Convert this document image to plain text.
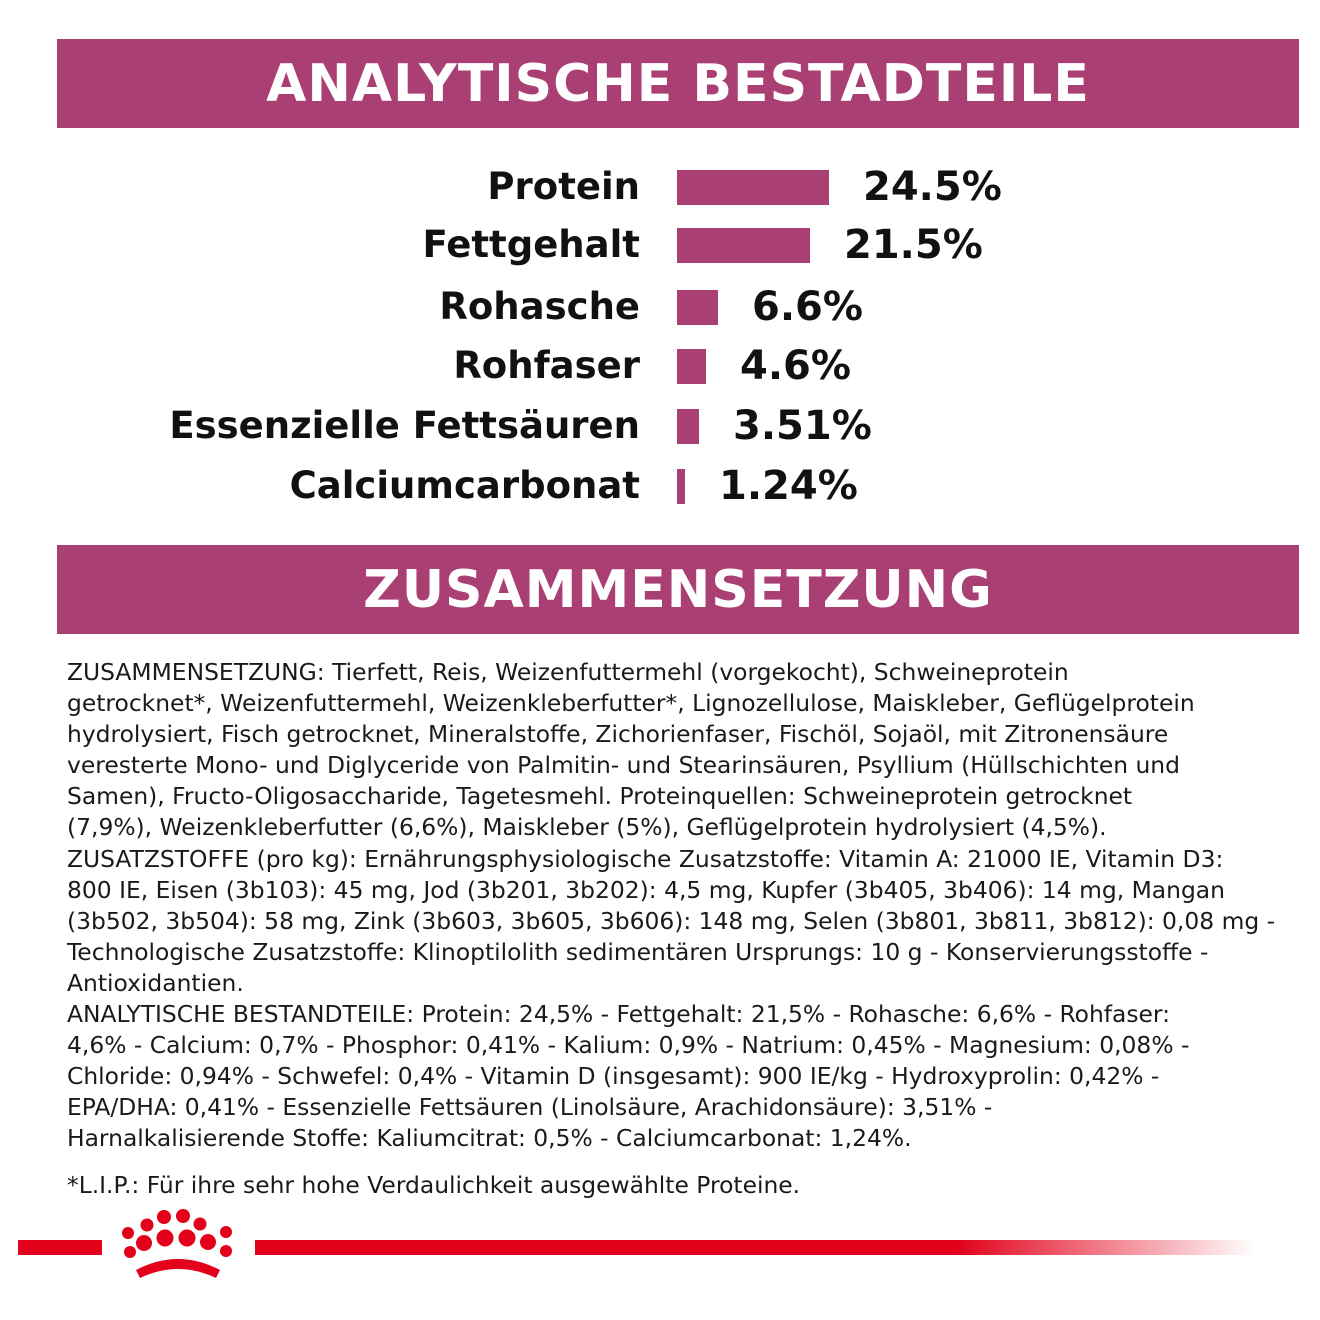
ANALYTISCHE BESTADTEILE
Protein	24.5%
Fettgehalt	21.5%
Rohasche	6.6%
Rohfaser	4.6%
Essenzielle Fettsäuren 3.51%
Calciumcarbonat 1.24%
ZUSAMMENSETZUNG
ZUSAMMENSETZUNG: Tierfett, Reis, Weizenfuttermehl (vorgekocht), Schweineprotein
getrocknet*, Weizenfuttermehl, Weizenkleberfutter*, Lignozellulose, Maiskleber, Geflügelprotein
hydrolysiert, Fisch getrocknet, Mineralstoffe, Zichorienfaser, Fischöl, Sojaöl, mit Zitronensäure
veresterte Mono- und Diglyceride von Palmitin- und Stearinsäuren, Psyllium (Hüllschichten und
Samen), Fructo-Oligosaccharide, Tagetesmehl. Proteinquellen: Schweineprotein getrocknet
(7,9%), Weizenkleberfutter (6,6%), Maiskleber (5%), Geflügelprotein hydrolysiert (4,5%).
ZUSATZSTOFFE (pro kg): Ernährungsphysiologische Zusatzstoffe: Vitamin A: 21000 IE, Vitamin D3:
800 IE, Eisen (3b103): 45 mg, Jod (3b201, 3b202): 4,5 mg, Kupfer (3b405, 3b406): 14 mg, Mangan
(3b502, 3b504): 58 mg, Zink (3b603, 3b605, 3b606): 148 mg, Selen (3b801, 3b811, 3b812): 0,08 mg -
Technologische Zusatzstoffe: Klinoptilolith sedimentären Ursprungs: 10 g - Konservierungsstoffe -
Antioxidantien.
ANALYTISCHE BESTANDTEILE: Protein: 24,5% - Fettgehalt: 21,5% - Rohasche: 6,6% - Rohfaser:
4,6% - Calcium: 0,7% - Phosphor: 0,41% - Kalium: 0,9% - Natrium: 0,45% - Magnesium: 0,08% -
Chloride: 0,94% - Schwefel: 0,4% - Vitamin D (insgesamt): 900 IE/kg - Hydroxyprolin: 0,42% -
EPA/DHA: 0,41% - Essenzielle Fettsäuren (Linolsäure, Arachidonsäure): 3,51% -
Harnalkalisierende Stoffe: Kaliumcitrat: 0,5% - Calciumcarbonat: 1,24%.
*L.I.P.: Für ihre sehr hohe Verdaulichkeit ausgewählte Proteine.
